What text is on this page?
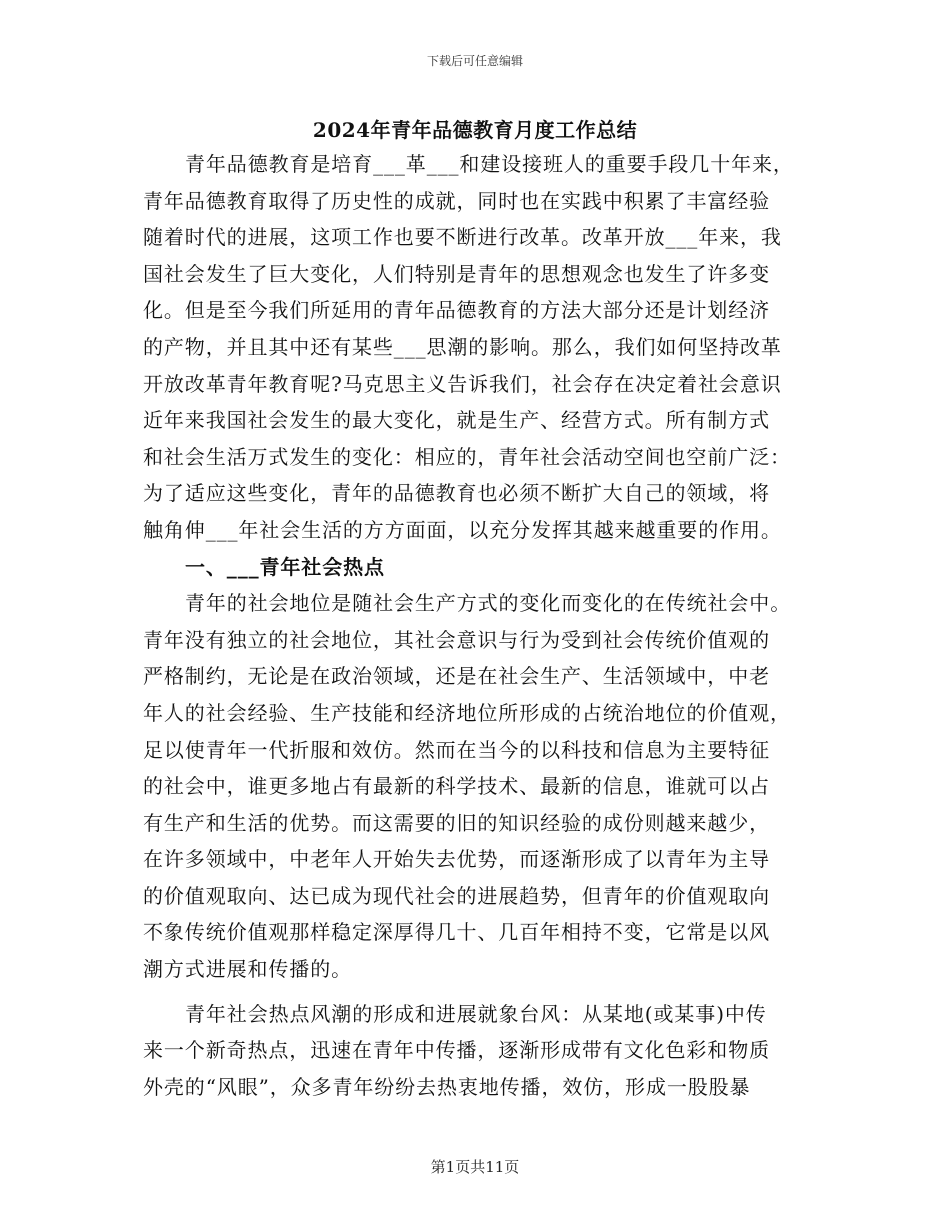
下载后可任意编辑
2024年青年品德教育月度工作总结
青年品德教育是培育___革___和建设接班人的重要手段几十年来，
青年品德教育取得了历史性的成就，同时也在实践中积累了丰富经验
随着时代的进展，这项工作也要不断进行改革。改革开放___年来，我
国社会发生了巨大变化，人们特别是青年的思想观念也发生了许多变
化。但是至今我们所延用的青年品德教育的方法大部分还是计划经济
的产物，并且其中还有某些___思潮的影响。那么，我们如何坚持改革
开放改革青年教育呢?马克思主义告诉我们，社会存在决定着社会意识
近年来我国社会发生的最大变化，就是生产、经营方式。所有制方式
和社会生活万式发生的变化：相应的，青年社会活动空间也空前广泛：
为了适应这些变化，青年的品德教育也必须不断扩大自己的领域，将
触角伸___年社会生活的方方面面，以充分发挥其越来越重要的作用。
一、___青年社会热点
青年的社会地位是随社会生产方式的变化而变化的在传统社会中。
青年没有独立的社会地位，其社会意识与行为受到社会传统价值观的
严格制约，无论是在政治领域，还是在社会生产、生活领域中，中老
年人的社会经验、生产技能和经济地位所形成的占统治地位的价值观，
足以使青年一代折服和效仿。然而在当今的以科技和信息为主要特征
的社会中，谁更多地占有最新的科学技术、最新的信息，谁就可以占
有生产和生活的优势。而这需要的旧的知识经验的成份则越来越少，
在许多领域中，中老年人开始失去优势，而逐渐形成了以青年为主导
的价值观取向、达已成为现代社会的进展趋势，但青年的价值观取向
不象传统价值观那样稳定深厚得几十、几百年相持不变，它常是以风
潮方式进展和传播的。
青年社会热点风潮的形成和进展就象台风：从某地(或某事)中传
来一个新奇热点，迅速在青年中传播，逐渐形成带有文化色彩和物质
外壳的“风眼”，众多青年纷纷去热衷地传播，效仿，形成一股股暴
第1页共11页
